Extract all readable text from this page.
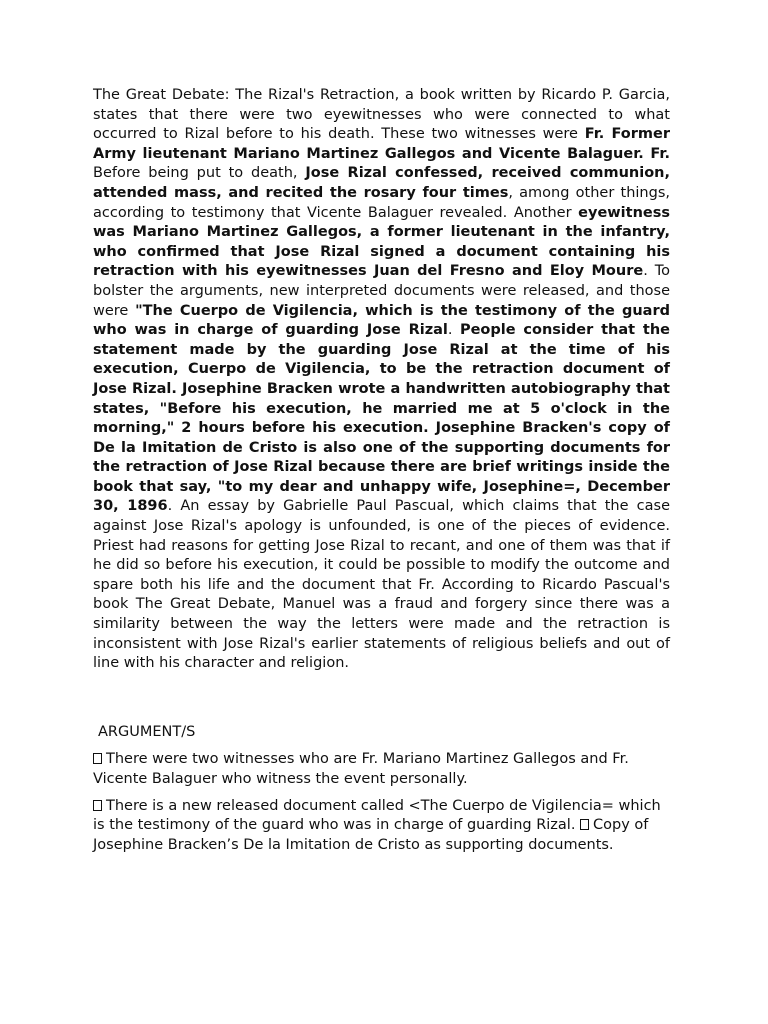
The Great Debate: The Rizal's Retraction, a book written by Ricardo P. Garcia, states that there were two eyewitnesses who were connected to what occurred to Rizal before to his death. These two witnesses were Fr. Former Army lieutenant Mariano Martinez Gallegos and Vicente Balaguer. Fr. Before being put to death, Jose Rizal confessed, received communion, attended mass, and recited the rosary four times, among other things, according to testimony that Vicente Balaguer revealed. Another eyewitness was Mariano Martinez Gallegos, a former lieutenant in the infantry, who confirmed that Jose Rizal signed a document containing his retraction with his eyewitnesses Juan del Fresno and Eloy Moure. To bolster the arguments, new interpreted documents were released, and those were "The Cuerpo de Vigilencia, which is the testimony of the guard who was in charge of guarding Jose Rizal. People consider that the statement made by the guarding Jose Rizal at the time of his execution, Cuerpo de Vigilencia, to be the retraction document of Jose Rizal. Josephine Bracken wrote a handwritten autobiography that states, "Before his execution, he married me at 5 o'clock in the morning," 2 hours before his execution. Josephine Bracken's copy of De la Imitation de Cristo is also one of the supporting documents for the retraction of Jose Rizal because there are brief writings inside the book that say, "to my dear and unhappy wife, Josephine=, December 30, 1896. An essay by Gabrielle Paul Pascual, which claims that the case against Jose Rizal's apology is unfounded, is one of the pieces of evidence. Priest had reasons for getting Jose Rizal to recant, and one of them was that if he did so before his execution, it could be possible to modify the outcome and spare both his life and the document that Fr. According to Ricardo Pascual's book The Great Debate, Manuel was a fraud and forgery since there was a similarity between the way the letters were made and the retraction is inconsistent with Jose Rizal's earlier statements of religious beliefs and out of line with his character and religion.

ARGUMENT/S

There were two witnesses who are Fr. Mariano Martinez Gallegos and Fr. Vicente Balaguer who witness the event personally.

There is a new released document called <The Cuerpo de Vigilencia= which is the testimony of the guard who was in charge of guarding Rizal. Copy of Josephine Bracken’s De la Imitation de Cristo as supporting documents.
